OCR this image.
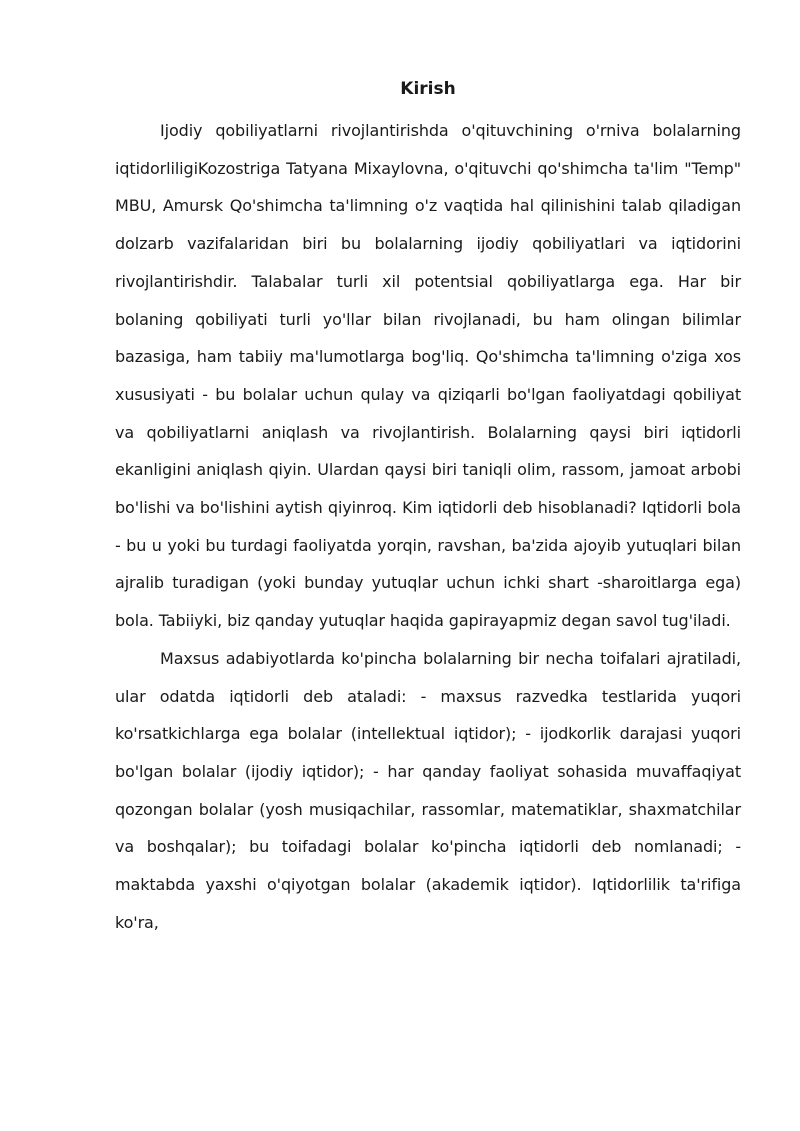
Kirish

Ijodiy qobiliyatlarni rivojlantirishda o'qituvchining o'rniva bolalarning iqtidorliligiKozostriga Tatyana Mixaylovna, o'qituvchi qo'shimcha ta'lim "Temp" MBU, Amursk Qo'shimcha ta'limning o'z vaqtida hal qilinishini talab qiladigan dolzarb vazifalaridan biri bu bolalarning ijodiy qobiliyatlari va iqtidorini rivojlantirishdir. Talabalar turli xil potentsial qobiliyatlarga ega. Har bir bolaning qobiliyati turli yo'llar bilan rivojlanadi, bu ham olingan bilimlar bazasiga, ham tabiiy ma'lumotlarga bog'liq. Qo'shimcha ta'limning o'ziga xos xususiyati - bu bolalar uchun qulay va qiziqarli bo'lgan faoliyatdagi qobiliyat va qobiliyatlarni aniqlash va rivojlantirish. Bolalarning qaysi biri iqtidorli ekanligini aniqlash qiyin. Ulardan qaysi biri taniqli olim, rassom, jamoat arbobi bo'lishi va bo'lishini aytish qiyinroq. Kim iqtidorli deb hisoblanadi? Iqtidorli bola - bu u yoki bu turdagi faoliyatda yorqin, ravshan, ba'zida ajoyib yutuqlari bilan ajralib turadigan (yoki bunday yutuqlar uchun ichki shart -sharoitlarga ega) bola. Tabiiyki, biz qanday yutuqlar haqida gapirayapmiz degan savol tug'iladi.

Maxsus adabiyotlarda ko'pincha bolalarning bir necha toifalari ajratiladi, ular odatda iqtidorli deb ataladi: - maxsus razvedka testlarida yuqori ko'rsatkichlarga ega bolalar (intellektual iqtidor); - ijodkorlik darajasi yuqori bo'lgan bolalar (ijodiy iqtidor); - har qanday faoliyat sohasida muvaffaqiyat qozongan bolalar (yosh musiqachilar, rassomlar, matematiklar, shaxmatchilar va boshqalar); bu toifadagi bolalar ko'pincha iqtidorli deb nomlanadi; - maktabda yaxshi o'qiyotgan bolalar (akademik iqtidor). Iqtidorlilik ta'rifiga ko'ra,
